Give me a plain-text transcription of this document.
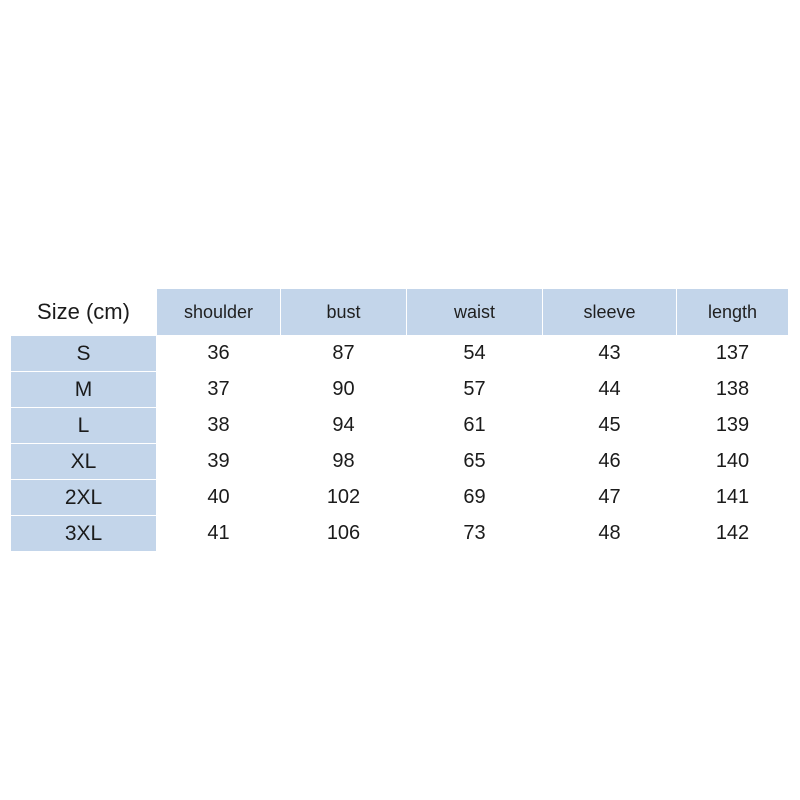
Size (cm)	shoulder	bust	waist	sleeve	length
S	36	87	54	43	137
M	37	90	57	44	138
L	38	94	61	45	139
XL	39	98	65	46	140
2XL	40	102	69	47	141
3XL	41	106	73	48	142
